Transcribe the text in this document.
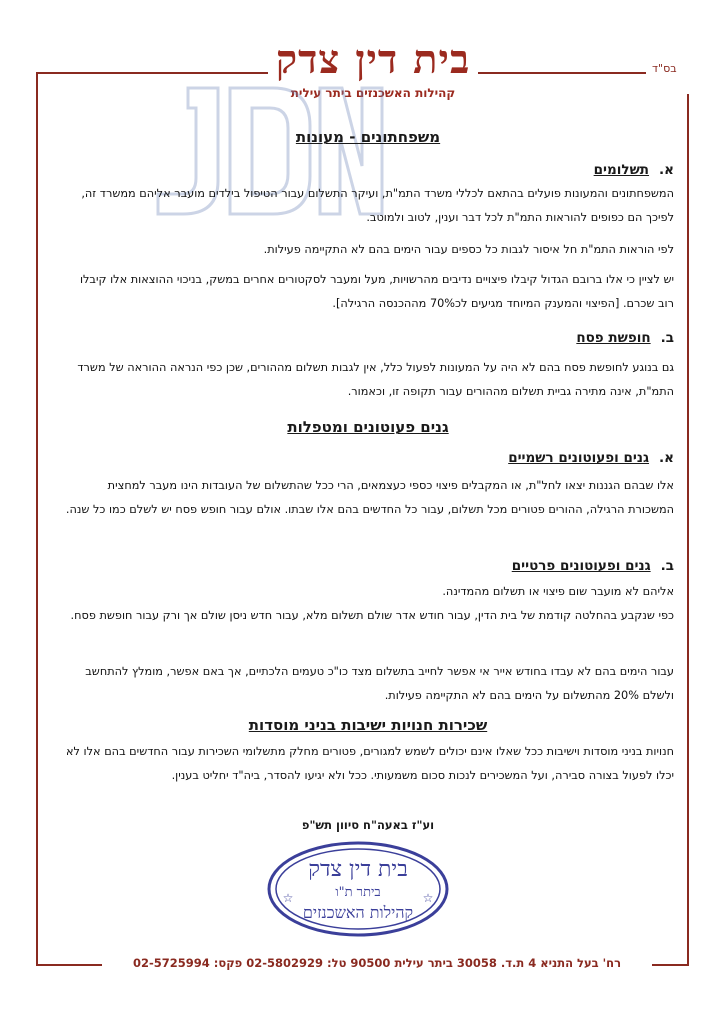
בס"ד
בית דין צדק
קהילות האשכנזים ביתר עילית
משפחתונים - מעונות
א.תשלומים
המשפחתונים והמעונות פועלים בהתאם לכללי משרד התמ"ת, ועיקר התשלום עבור הטיפול בילדים מועבר אליהם ממשרד זה, לפיכך הם כפופים להוראות התמ"ת לכל דבר וענין, לטוב ולמוטב.
לפי הוראות התמ"ת חל איסור לגבות כל כספים עבור הימים בהם לא התקיימה פעילות.
יש לציין כי אלו ברובם הגדול קיבלו פיצויים נדיבים מהרשויות, מעל ומעבר לסקטורים אחרים במשק, בניכוי ההוצאות אלו קיבלו רוב שכרם. [הפיצוי והמענק המיוחד מגיעים לכ70% מההכנסה הרגילה].
ב.חופשת פסח
גם בנוגע לחופשת פסח בהם לא היה על המעונות לפעול כלל, אין לגבות תשלום מההורים, שכן כפי הנראה ההוראה של משרד התמ"ת, אינה מתירה גביית תשלום מההורים עבור תקופה זו, וכאמור.
גנים פעוטונים ומטפלות
א.גנים ופעוטונים רשמיים
אלו שבהם הגננות יצאו לחל"ת, או המקבלים פיצוי כספי כעצמאים, הרי ככל שהתשלום של העובדות הינו מעבר למחצית המשכורת הרגילה, ההורים פטורים מכל תשלום, עבור כל החדשים בהם אלו שבתו. אולם עבור חופש פסח יש לשלם כמו כל שנה.
ב.גנים ופעוטונים פרטיים
אליהם לא מועבר שום פיצוי או תשלום מהמדינה.
כפי שנקבע בהחלטה קודמת של בית הדין, עבור חודש אדר שולם תשלום מלא, עבור חדש ניסן שולם אך ורק עבור חופשת פסח.
עבור הימים בהם לא עבדו בחודש אייר אי אפשר לחייב בתשלום מצד כו"כ טעמים הלכתיים, אך באם אפשר, מומלץ להתחשב ולשלם 20% מהתשלום על הימים בהם לא התקיימה פעילות.
שכירות חנויות ישיבות בניני מוסדות
חנויות בניני מוסדות וישיבות ככל שאלו אינם יכולים לשמש למגורים, פטורים מחלק מתשלומי השכירות עבור החדשים בהם אלו לא יכלו לפעול בצורה סבירה, ועל המשכירים לנכות סכום משמעותי. ככל ולא יגיעו להסדר, ביה"ד יחליט בענין.
וע"ז באעה"ח סיוון תש"פ
בית דין צדק
ביתר ת"ו
קהילות האשכנזים
☆	☆
רח' בעל התניא 4 ת.ד. 30058 ביתר עילית 90500 טל: 02-5802929 פקס: 02-5725994
